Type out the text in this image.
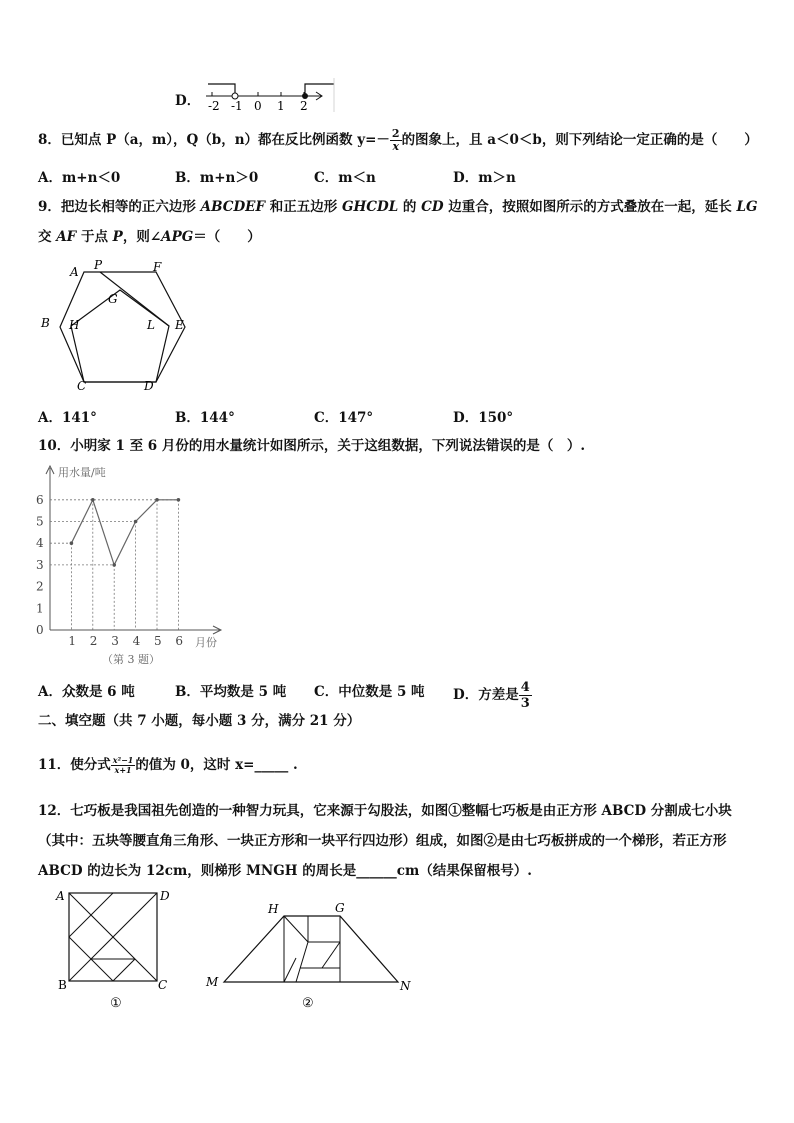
D． -2 -1 0 1 2
8．已知点 P（a，m），Q（b，n）都在反比例函数 $y=- \frac{2}{x}$ 的图象上，且 a＜0＜b，则下列结论一定正确的是（　　）
A．m+n＜0	B．m+n＞0	C．m＜n	D．m＞n
9．把边长相等的正六边形 ABCDEF 和正五边形 GHCDL 的 CD 边重合，按照如图所示的方式叠放在一起，延长 LG
交 AF 于点 P，则∠APG＝（　　）
A P	F
G
B H	L E
C	D
A．141°	B．144°	C．147°	D．150°
10．小明家 1 至 6 月份的用水量统计如图所示，关于这组数据，下列说法错误的是（　）.
用水量/吨
月份
（第 3 题）
0
1
2
3
4
5
6
1 2 3 4 5 6
A．众数是 6 吨	B．平均数是 5 吨 C．中位数是 5 吨 D．方差是 $\frac{4}{3}$
二、填空题（共 7 小题，每小题 3 分，满分 21 分）
11．使分式 $\frac{\text{x²−1}}{x+1}$ 的值为 0，这时 x=_____ .
12．七巧板是我国祖先创造的一种智力玩具，它来源于勾股法，如图①整幅七巧板是由正方形 ABCD 分割成七小块
（其中：五块等腰直角三角形、一块正方形和一块平行四边形）组成，如图②是由七巧板拼成的一个梯形，若正方形
ABCD 的边长为 12cm，则梯形 MNGH 的周长是______cm（结果保留根号）.
A	D
B	C
①
H	G
M	N
②
